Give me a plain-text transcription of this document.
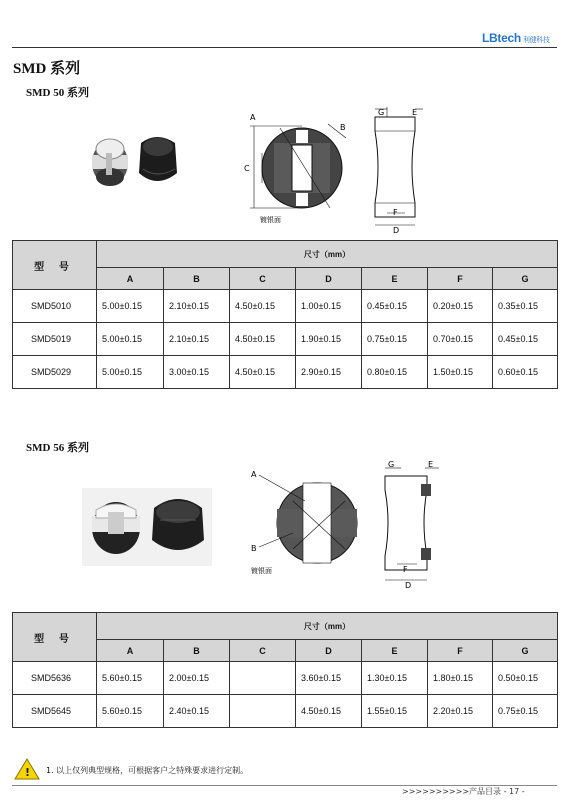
LBtech 利健科技
SMD 系列
SMD 50 系列
A
B
C
镀银面
G	E
F
D
型 号	尺寸（mm）						
	A	B	C	D	E	F	G
SMD5010	5.00±0.15	2.10±0.15	4.50±0.15	1.00±0.15	0.45±0.15	0.20±0.15	0.35±0.15
SMD5019	5.00±0.15	2.10±0.15	4.50±0.15	1.90±0.15	0.75±0.15	0.70±0.15	0.45±0.15
SMD5029	5.00±0.15	3.00±0.15	4.50±0.15	2.90±0.15	0.80±0.15	1.50±0.15	0.60±0.15
SMD 56 系列
A
B
镀银面
G	E
F
D
型 号	尺寸（mm）						
	A	B	C	D	E	F	G
SMD5636	5.60±0.15	2.00±0.15		3.60±0.15	1.30±0.15	1.80±0.15	0.50±0.15
SMD5645	5.60±0.15	2.40±0.15		4.50±0.15	1.55±0.15	2.20±0.15	0.75±0.15
! 1. 以上仅列典型规格，可根据客户之特殊要求进行定制。
>>>>>>>>>>产品目录 - 17 -
